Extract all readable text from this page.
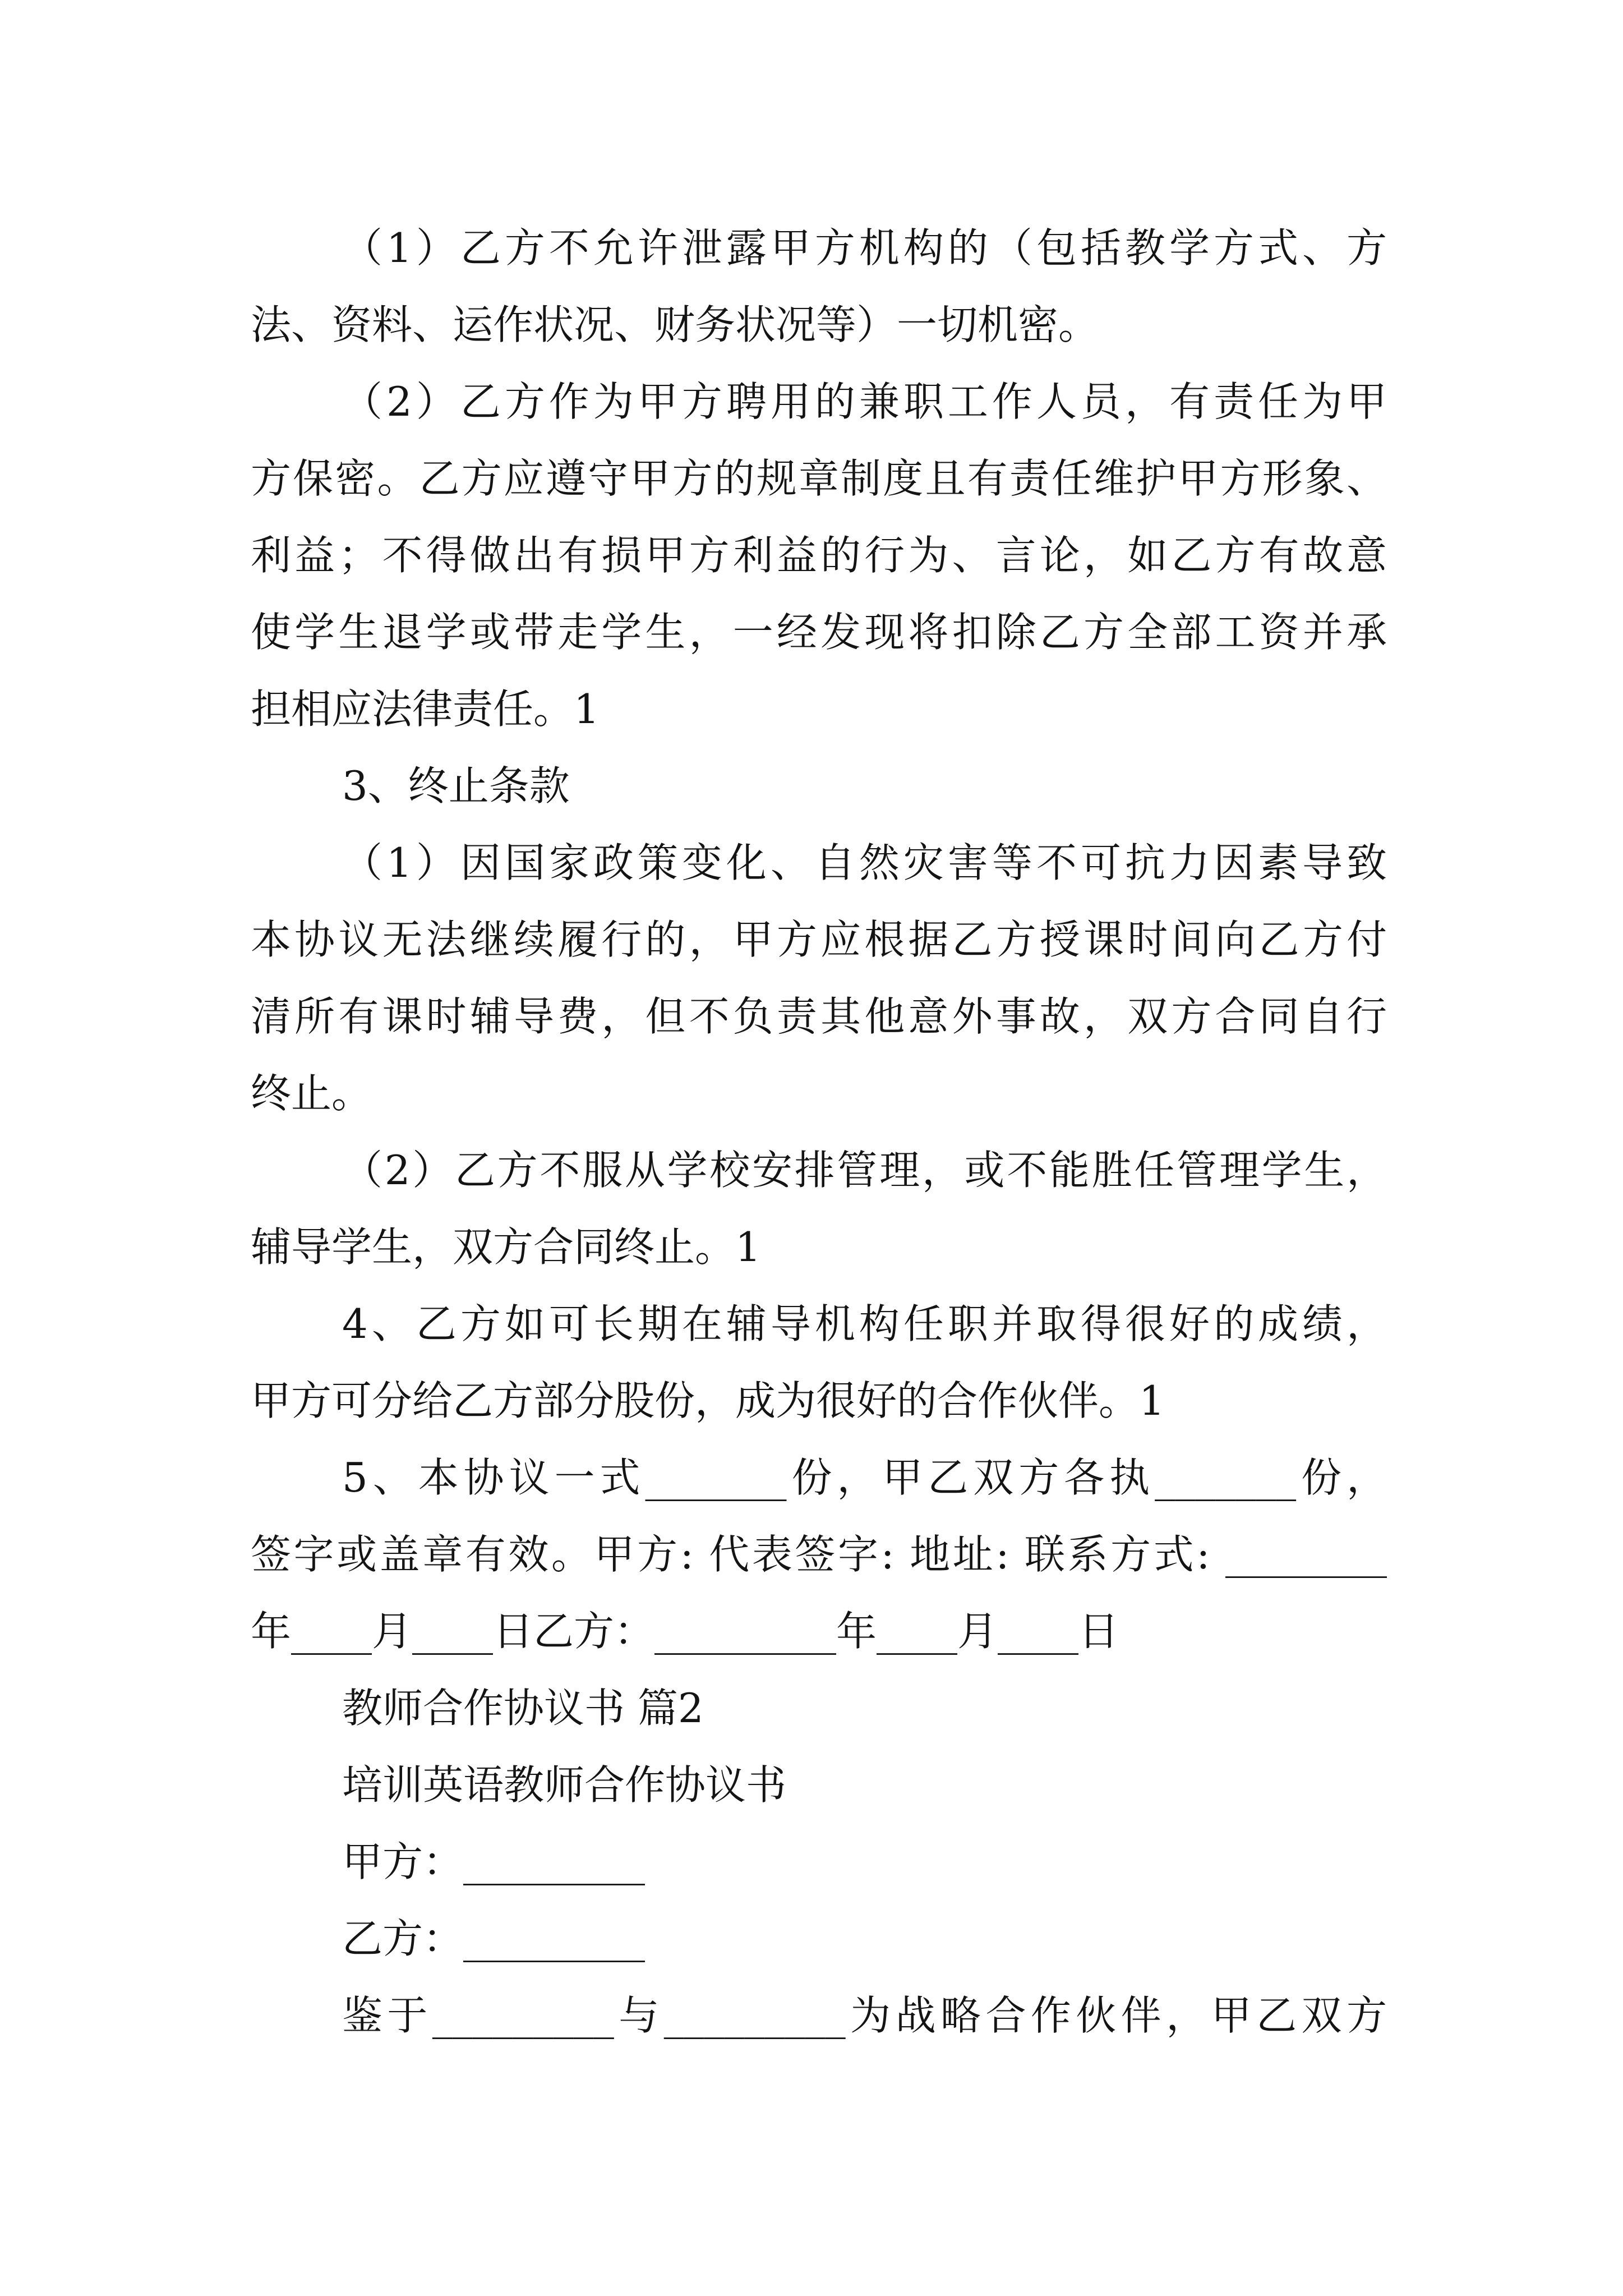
（1）乙方不允许泄露甲方机构的（包括教学方式、方
法、资料、运作状况、财务状况等）一切机密。
（2）乙方作为甲方聘用的兼职工作人员，有责任为甲
方保密。乙方应遵守甲方的规章制度且有责任维护甲方形象、
利益；不得做出有损甲方利益的行为、言论，如乙方有故意
使学生退学或带走学生，一经发现将扣除乙方全部工资并承
担相应法律责任。1
3、终止条款
（1）因国家政策变化、自然灾害等不可抗力因素导致
本协议无法继续履行的，甲方应根据乙方授课时间向乙方付
清所有课时辅导费，但不负责其他意外事故，双方合同自行
终止。
（2）乙方不服从学校安排管理，或不能胜任管理学生，
辅导学生，双方合同终止。1
4、乙方如可长期在辅导机构任职并取得很好的成绩，
甲方可分给乙方部分股份，成为很好的合作伙伴。1
5、本协议一式_______份，甲乙双方各执_______份，
签字或盖章有效。甲方: 代表签字: 地址: 联系方式: ________
年____月____日乙方：_________年____月____日
教师合作协议书 篇2
培训英语教师合作协议书
甲方：_________
乙方：_________
鉴于_________与_________为战略合作伙伴，甲乙双方
